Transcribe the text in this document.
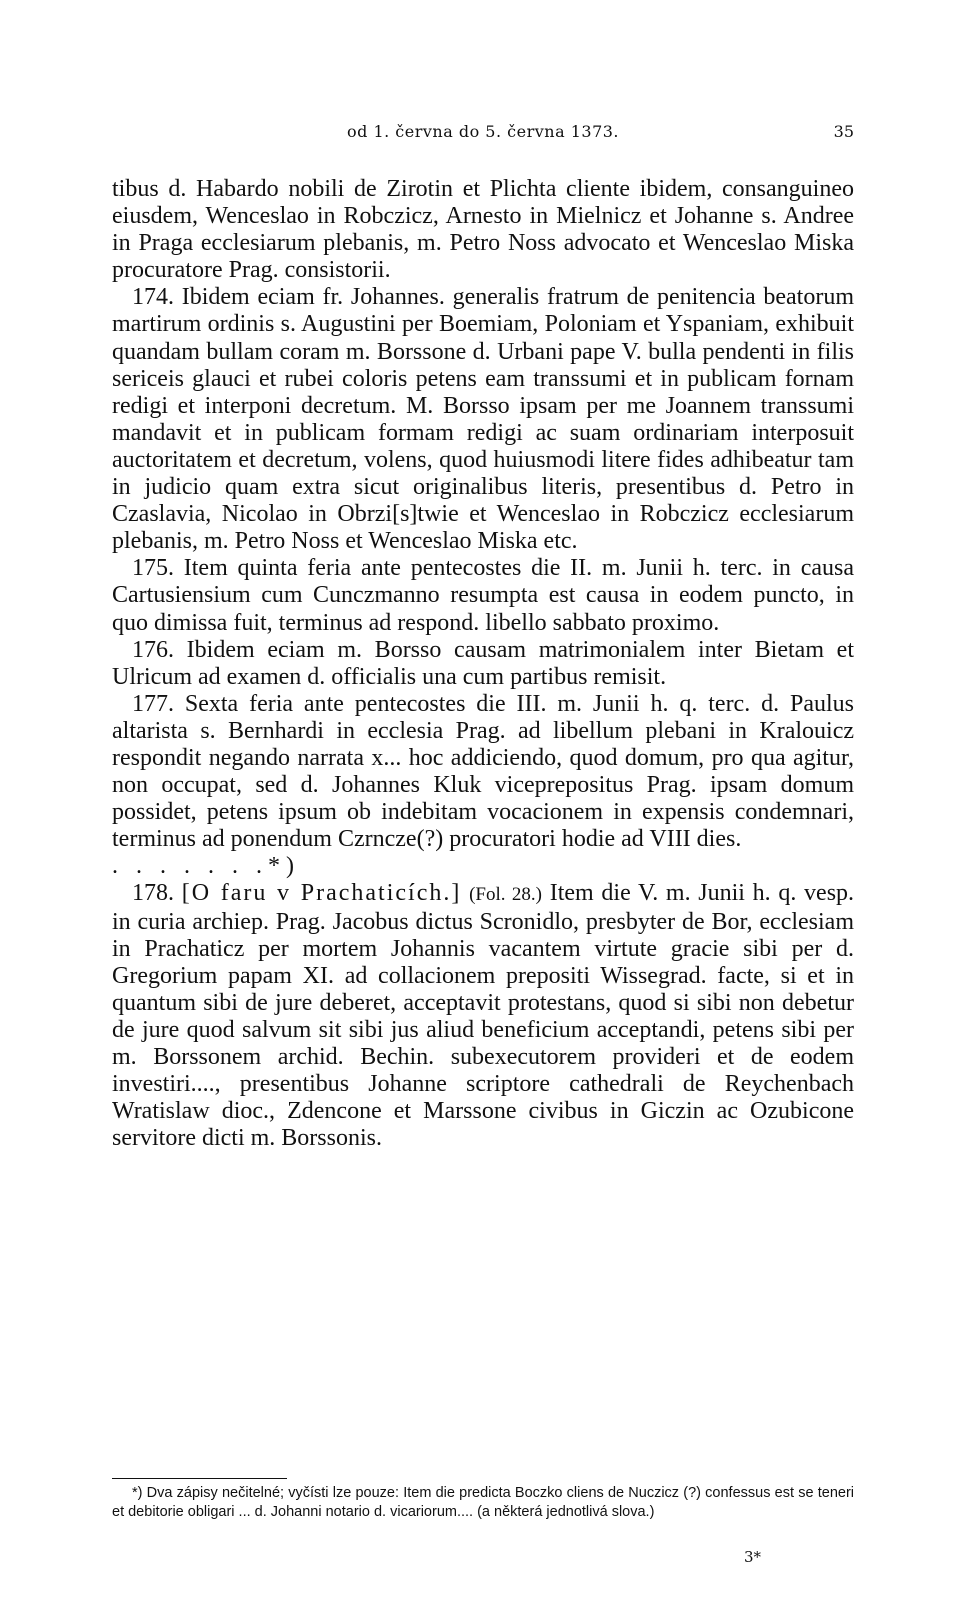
od 1. června do 5. června 1373.	35

tibus d. Habardo nobili de Zirotin et Plichta cliente ibidem, consanguineo eiusdem, Wenceslao in Robczicz, Arnesto in Mielnicz et Johanne s. Andree in Praga ecclesiarum plebanis, m. Petro Noss advocato et Wenceslao Miska procuratore Prag. consistorii.

174. Ibidem eciam fr. Johannes. generalis fratrum de penitencia beatorum martirum ordinis s. Augustini per Boemiam, Poloniam et Yspaniam, exhibuit quandam bullam coram m. Borssone d. Urbani pape V. bulla pendenti in filis sericeis glauci et rubei coloris petens eam transsumi et in publicam fornam redigi et interponi decretum. M. Borsso ipsam per me Joannem transsumi mandavit et in publicam formam redigi ac suam ordinariam interposuit auctoritatem et decretum, volens, quod huiusmodi litere fides adhibeatur tam in judicio quam extra sicut originalibus literis, presentibus d. Petro in Czaslavia, Nicolao in Obrzi[s]twie et Wenceslao in Robczicz ecclesiarum plebanis, m. Petro Noss et Wenceslao Miska etc.

175. Item quinta feria ante pentecostes die II. m. Junii h. terc. in causa Cartusiensium cum Cunczmanno resumpta est causa in eodem puncto, in quo dimissa fuit, terminus ad respond. libello sabbato proximo.

176. Ibidem eciam m. Borsso causam matrimonialem inter Bietam et Ulricum ad examen d. officialis una cum partibus remisit.

177. Sexta feria ante pentecostes die III. m. Junii h. q. terc. d. Paulus altarista s. Bernhardi in ecclesia Prag. ad libellum plebani in Kralouicz respondit negando narrata x... hoc addiciendo, quod domum, pro qua agitur, non occupat, sed d. Johannes Kluk viceprepositus Prag. ipsam domum possidet, petens ipsum ob indebitam vocacionem in expensis condemnari, terminus ad ponendum Czrncze(?) procuratori hodie ad VIII dies.

. . . . . . .*)

178. [O faru v Prachaticích.] (Fol. 28.) Item die V. m. Junii h. q. vesp. in curia archiep. Prag. Jacobus dictus Scronidlo, presbyter de Bor, ecclesiam in Prachaticz per mortem Johannis vacantem virtute gracie sibi per d. Gregorium papam XI. ad collacionem prepositi Wissegrad. facte, si et in quantum sibi de jure deberet, acceptavit protestans, quod si sibi non debetur de jure quod salvum sit sibi jus aliud beneficium acceptandi, petens sibi per m. Borssonem archid. Bechin. subexecutorem provideri et de eodem investiri...., presentibus Johanne scriptore cathedrali de Reychenbach Wratislaw dioc., Zdencone et Marssone civibus in Giczin ac Ozubicone servitore dicti m. Borssonis.

*) Dva zápisy nečitelné; vyčísti lze pouze: Item die predicta Boczko cliens de Nuczicz (?) confessus est se teneri et debitorie obligari ... d. Johanni notario d. vicariorum.... (a některá jednotlivá slova.)

3*
